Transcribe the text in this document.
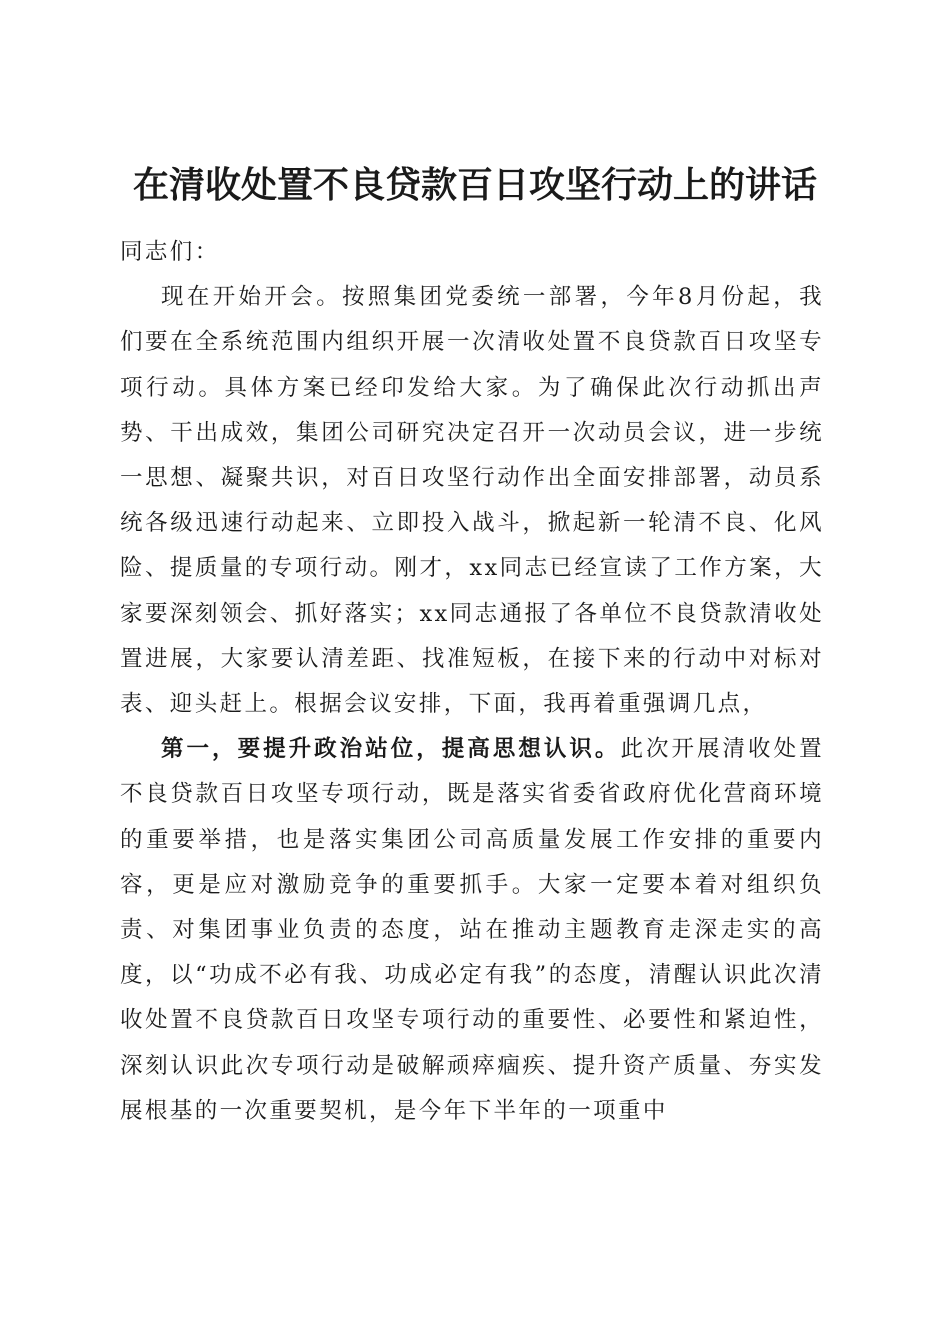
在清收处置不良贷款百日攻坚行动上的讲话

同志们：

现在开始开会。按照集团党委统一部署，今年8月份起，我们要在全系统范围内组织开展一次清收处置不良贷款百日攻坚专项行动。具体方案已经印发给大家。为了确保此次行动抓出声势、干出成效，集团公司研究决定召开一次动员会议，进一步统一思想、凝聚共识，对百日攻坚行动作出全面安排部署，动员系统各级迅速行动起来、立即投入战斗，掀起新一轮清不良、化风险、提质量的专项行动。刚才，xx同志已经宣读了工作方案，大家要深刻领会、抓好落实；xx同志通报了各单位不良贷款清收处置进展，大家要认清差距、找准短板，在接下来的行动中对标对表、迎头赶上。根据会议安排，下面，我再着重强调几点，

第一，要提升政治站位，提高思想认识。此次开展清收处置不良贷款百日攻坚专项行动，既是落实省委省政府优化营商环境的重要举措，也是落实集团公司高质量发展工作安排的重要内容，更是应对激励竞争的重要抓手。大家一定要本着对组织负责、对集团事业负责的态度，站在推动主题教育走深走实的高度，以“功成不必有我、功成必定有我”的态度，清醒认识此次清收处置不良贷款百日攻坚专项行动的重要性、必要性和紧迫性，深刻认识此次专项行动是破解顽瘁痼疾、提升资产质量、夯实发展根基的一次重要契机，是今年下半年的一项重中
